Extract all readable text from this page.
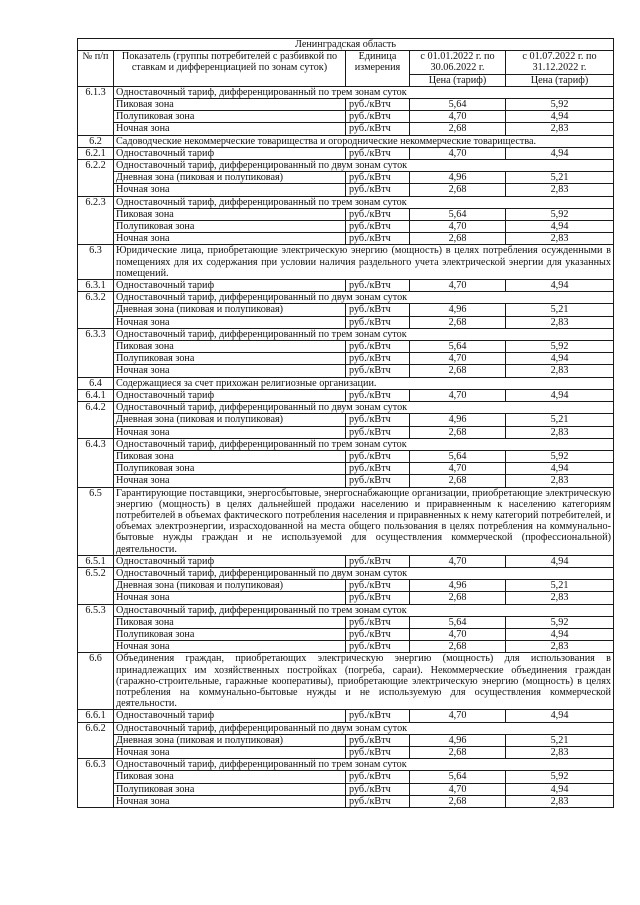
Ленинградская область				
№ п/п	Показатель (группы потребителей с разбивкой по ставкам и дифференциацией по зонам суток)	Единица измерения	с 01.01.2022 г. по 30.06.2022 г.	с 01.07.2022 г. по 31.12.2022 г.
			Цена (тариф)	Цена (тариф)
6.1.3	Одноставочный тариф, дифференцированный по трем зонам суток			
	Пиковая зона	руб./кВтч	5,64	5,92
	Полупиковая зона	руб./кВтч	4,70	4,94
	Ночная зона	руб./кВтч	2,68	2,83
6.2	Садоводческие некоммерческие товарищества и огороднические некоммерческие товарищества.			
6.2.1	Одноставочный тариф	руб./кВтч	4,70	4,94
6.2.2	Одноставочный тариф, дифференцированный по двум зонам суток			
	Дневная зона (пиковая и полупиковая)	руб./кВтч	4,96	5,21
	Ночная зона	руб./кВтч	2,68	2,83
6.2.3	Одноставочный тариф, дифференцированный по трем зонам суток			
	Пиковая зона	руб./кВтч	5,64	5,92
	Полупиковая зона	руб./кВтч	4,70	4,94
	Ночная зона	руб./кВтч	2,68	2,83
6.3	Юридические лица, приобретающие электрическую энергию (мощность) в целях потребления осужденными в помещениях для их содержания при условии наличия раздельного учета электрической энергии для указанных помещений.			
6.3.1	Одноставочный тариф	руб./кВтч	4,70	4,94
6.3.2	Одноставочный тариф, дифференцированный по двум зонам суток			
	Дневная зона (пиковая и полупиковая)	руб./кВтч	4,96	5,21
	Ночная зона	руб./кВтч	2,68	2,83
6.3.3	Одноставочный тариф, дифференцированный по трем зонам суток			
	Пиковая зона	руб./кВтч	5,64	5,92
	Полупиковая зона	руб./кВтч	4,70	4,94
	Ночная зона	руб./кВтч	2,68	2,83
6.4	Содержащиеся за счет прихожан религиозные организации.			
6.4.1	Одноставочный тариф	руб./кВтч	4,70	4,94
6.4.2	Одноставочный тариф, дифференцированный по двум зонам суток			
	Дневная зона (пиковая и полупиковая)	руб./кВтч	4,96	5,21
	Ночная зона	руб./кВтч	2,68	2,83
6.4.3	Одноставочный тариф, дифференцированный по трем зонам суток			
	Пиковая зона	руб./кВтч	5,64	5,92
	Полупиковая зона	руб./кВтч	4,70	4,94
	Ночная зона	руб./кВтч	2,68	2,83
6.5	Гарантирующие поставщики, энергосбытовые, энергоснабжающие организации, приобретающие электрическую энергию (мощность) в целях дальнейшей продажи населению и приравненным к населению категориям потребителей в объемах фактического потребления населения и приравненных к нему категорий потребителей, и объемах электроэнергии, израсходованной на места общего пользования в целях потребления на коммунально-бытовые нужды граждан и не используемой для осуществления коммерческой (профессиональной) деятельности.			
6.5.1	Одноставочный тариф	руб./кВтч	4,70	4,94
6.5.2	Одноставочный тариф, дифференцированный по двум зонам суток			
	Дневная зона (пиковая и полупиковая)	руб./кВтч	4,96	5,21
	Ночная зона	руб./кВтч	2,68	2,83
6.5.3	Одноставочный тариф, дифференцированный по трем зонам суток			
	Пиковая зона	руб./кВтч	5,64	5,92
	Полупиковая зона	руб./кВтч	4,70	4,94
	Ночная зона	руб./кВтч	2,68	2,83
6.6	Объединения граждан, приобретающих электрическую энергию (мощность) для использования в принадлежащих им хозяйственных постройках (погреба, сараи). Некоммерческие объединения граждан (гаражно-строительные, гаражные кооперативы), приобретающие электрическую энергию (мощность) в целях потребления на коммунально-бытовые нужды и не используемую для осуществления коммерческой деятельности.			
6.6.1	Одноставочный тариф	руб./кВтч	4,70	4,94
6.6.2	Одноставочный тариф, дифференцированный по двум зонам суток			
	Дневная зона (пиковая и полупиковая)	руб./кВтч	4,96	5,21
	Ночная зона	руб./кВтч	2,68	2,83
6.6.3	Одноставочный тариф, дифференцированный по трем зонам суток			
	Пиковая зона	руб./кВтч	5,64	5,92
	Полупиковая зона	руб./кВтч	4,70	4,94
	Ночная зона	руб./кВтч	2,68	2,83
